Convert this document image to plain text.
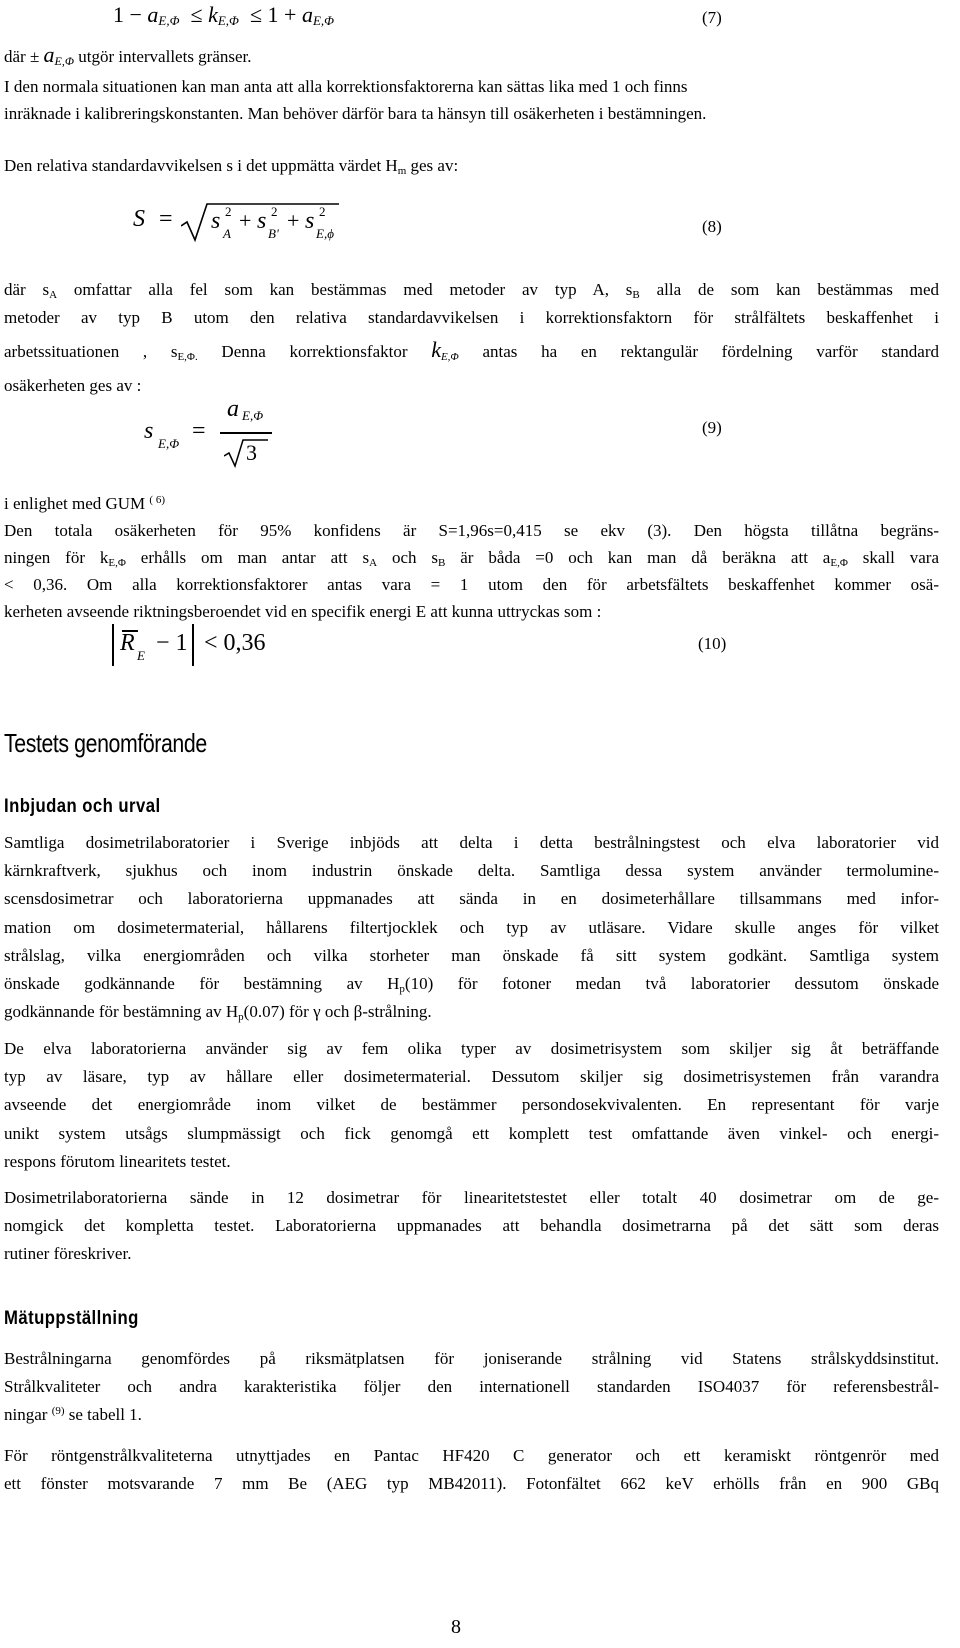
$1 - a_{E,\Phi} \le k_{E,\Phi} \le 1 + a_{E,\Phi}$	(7)
där ± $a_{E,\Phi}$ utgör intervallets gränser.
I den normala situationen kan man anta att alla korrektionsfaktorerna kan sättas lika med 1 och finns
inräknade i kalibreringskonstanten. Man behöver därför bara ta hänsyn till osäkerheten i bestämningen.
Den relativa standardavvikelsen s i det uppmätta värdet $H_m$ ges av:
S = s 2
A
+ s 2
B'
+ s 2
E,ϕ	(8)
där $s_A$ omfattar alla fel som kan bestämmas med metoder av typ A, $s_B$ alla de som kan bestämmas med
metoder av typ B utom den relativa standardavvikelsen i korrektionsfaktorn för strålfältets beskaffenhet i
arbetssituationen , $s_{E,\Phi.}$ Denna korrektionsfaktor $k_{E,\Phi}$ antas ha en rektangulär fördelning varför standard
osäkerheten ges av :
s E,Φ =
a E,Φ
3
(9)
i enlighet med GUM $^{( 6)}$
Den totala osäkerheten för 95% konfidens är S=1,96s=0,415 se ekv (3). Den högsta tillåtna begräns-
ningen för $k_{E,\Phi}$ erhålls om man antar att $s_A$ och $s_B$ är båda =0 och kan man då beräkna att $a_{E,\Phi}$ skall vara
< 0,36. Om alla korrektionsfaktorer antas vara = 1 utom den för arbetsfältets beskaffenhet kommer osä-
kerheten avseende riktningsberoendet vid en specifik energi E att kunna uttryckas som :
R E − 1 < 0,36	(10)
Testets genomförande
Inbjudan och urval
Samtliga dosimetrilaboratorier i Sverige inbjöds att delta i detta bestrålningstest och elva laboratorier vid
kärnkraftverk, sjukhus och inom industrin önskade delta. Samtliga dessa system använder termolumine-
scensdosimetrar och laboratorierna uppmanades att sända in en dosimeterhållare tillsammans med infor-
mation om dosimetermaterial, hållarens filtertjocklek och typ av utläsare. Vidare skulle anges för vilket
strålslag, vilka energiområden och vilka storheter man önskade få sitt system godkänt. Samtliga system
önskade godkännande för bestämning av $H_p(10)$ för fotoner medan två laboratorier dessutom önskade
godkännande för bestämning av $H_p(0.07)$ för γ och β-strålning.
De elva laboratorierna använder sig av fem olika typer av dosimetrisystem som skiljer sig åt beträffande
typ av läsare, typ av hållare eller dosimetermaterial. Dessutom skiljer sig dosimetrisystemen från varandra
avseende det energiområde inom vilket de bestämmer persondosekvivalenten. En representant för varje
unikt system utsågs slumpmässigt och fick genomgå ett komplett test omfattande även vinkel- och energi-
respons förutom linearitets testet.
Dosimetrilaboratorierna sände in 12 dosimetrar för linearitetstestet eller totalt 40 dosimetrar om de ge-
nomgick det kompletta testet. Laboratorierna uppmanades att behandla dosimetrarna på det sätt som deras
rutiner föreskriver.
Mätuppställning
Bestrålningarna genomfördes på riksmätplatsen för joniserande strålning vid Statens strålskyddsinstitut.
Strålkvaliteter och andra karakteristika följer den internationell standarden ISO4037 för referensbestrål-
ningar $^{(9)}$ se tabell 1.
För röntgenstrålkvaliteterna utnyttjades en Pantac HF420 C generator och ett keramiskt röntgenrör med
ett fönster motsvarande 7 mm Be (AEG typ MB42011). Fotonfältet 662 keV erhölls från en 900 GBq
8
